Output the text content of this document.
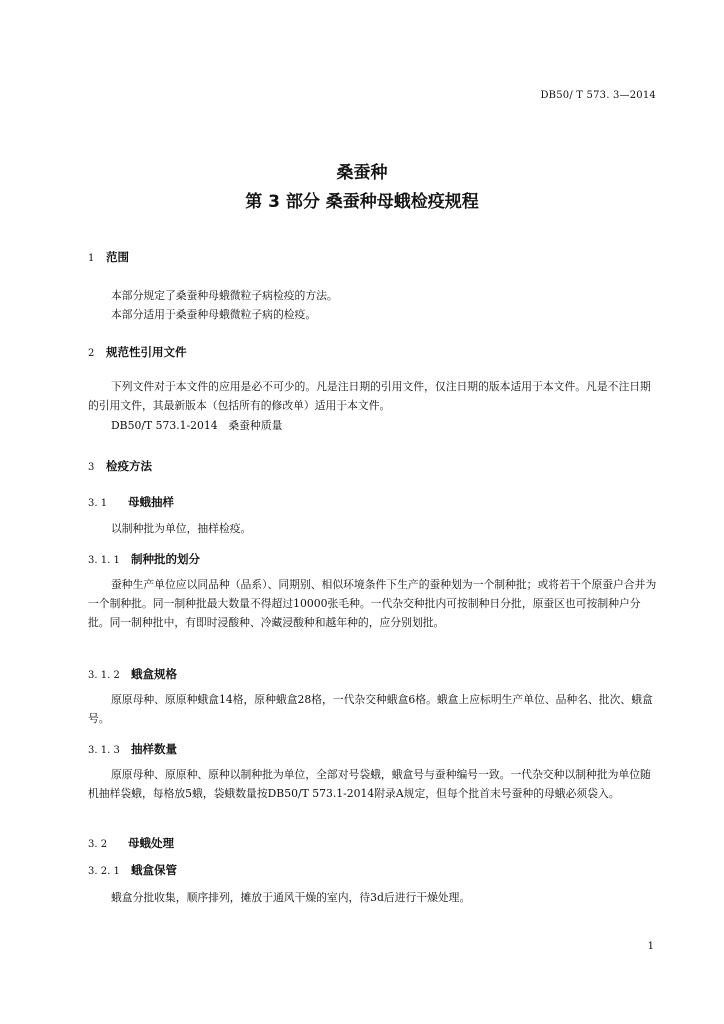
DB50/ T 573. 3—2014
桑蚕种
第 3 部分 桑蚕种母蛾检疫规程
1 范围
本部分规定了桑蚕种母蛾微粒子病检疫的方法。
本部分适用于桑蚕种母蛾微粒子病的检疫。
2 规范性引用文件
下列文件对于本文件的应用是必不可少的。凡是注日期的引用文件，仅注日期的版本适用于本文件。凡是不注日期的引用文件，其最新版本（包括所有的修改单）适用于本文件。
DB50/T 573.1-2014　桑蚕种质量
3 检疫方法
3. 1 母蛾抽样
以制种批为单位，抽样检疫。
3. 1. 1 制种批的划分
蚕种生产单位应以同品种（品系）、同期别、相似环境条件下生产的蚕种划为一个制种批；或将若干个原蚕户合并为一个制种批。同一制种批最大数量不得超过10000张毛种。一代杂交种批内可按制种日分批，原蚕区也可按制种户分批。同一制种批中，有即时浸酸种、冷藏浸酸种和越年种的，应分别划批。
3. 1. 2 蛾盒规格
原原母种、原原种蛾盒14格，原种蛾盒28格，一代杂交种蛾盒6格。蛾盒上应标明生产单位、品种名、批次、蛾盒号。
3. 1. 3 抽样数量
原原母种、原原种、原种以制种批为单位，全部对号袋蛾，蛾盒号与蚕种编号一致。一代杂交种以制种批为单位随机抽样袋蛾，每格放5蛾，袋蛾数量按DB50/T 573.1-2014附录A规定，但每个批首末号蚕种的母蛾必须袋入。
3. 2 母蛾处理
3. 2. 1 蛾盒保管
蛾盒分批收集，顺序排列，摊放于通风干燥的室内，待3d后进行干燥处理。
1
